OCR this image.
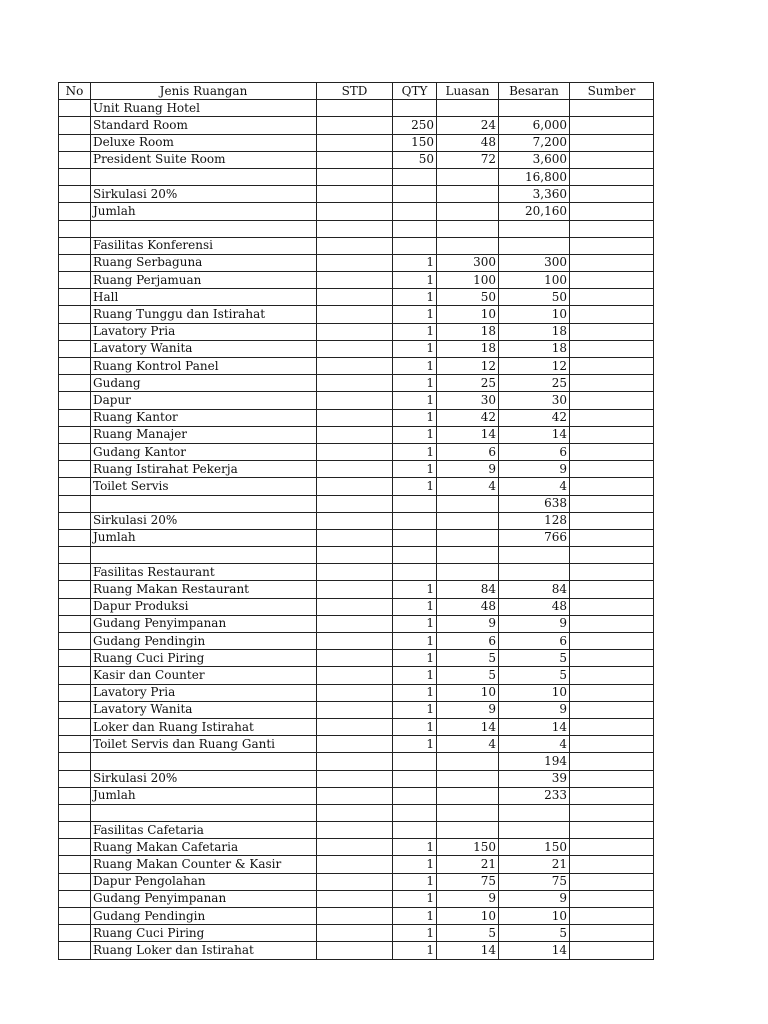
No	Jenis Ruangan	STD	QTY	Luasan	Besaran	Sumber
	Unit Ruang Hotel					
	Standard Room		250	24	6,000	
	Deluxe Room		150	48	7,200	
	President Suite Room		50	72	3,600	
					16,800	
	Sirkulasi 20%				3,360	
	Jumlah				20,160	

	Fasilitas Konferensi					
	Ruang Serbaguna		1	300	300	
	Ruang Perjamuan		1	100	100	
	Hall		1	50	50	
	Ruang Tunggu dan Istirahat		1	10	10	
	Lavatory Pria		1	18	18	
	Lavatory Wanita		1	18	18	
	Ruang Kontrol Panel		1	12	12	
	Gudang		1	25	25	
	Dapur		1	30	30	
	Ruang Kantor		1	42	42	
	Ruang Manajer		1	14	14	
	Gudang Kantor		1	6	6	
	Ruang Istirahat Pekerja		1	9	9	
	Toilet Servis		1	4	4	
					638	
	Sirkulasi 20%				128	
	Jumlah				766	

	Fasilitas Restaurant					
	Ruang Makan Restaurant		1	84	84	
	Dapur Produksi		1	48	48	
	Gudang Penyimpanan		1	9	9	
	Gudang Pendingin		1	6	6	
	Ruang Cuci Piring		1	5	5	
	Kasir dan Counter		1	5	5	
	Lavatory Pria		1	10	10	
	Lavatory Wanita		1	9	9	
	Loker dan Ruang Istirahat		1	14	14	
	Toilet Servis dan Ruang Ganti		1	4	4	
					194	
	Sirkulasi 20%				39	
	Jumlah				233	

	Fasilitas Cafetaria					
	Ruang Makan Cafetaria		1	150	150	
	Ruang Makan Counter & Kasir		1	21	21	
	Dapur Pengolahan		1	75	75	
	Gudang Penyimpanan		1	9	9	
	Gudang Pendingin		1	10	10	
	Ruang Cuci Piring		1	5	5	
	Ruang Loker dan Istirahat		1	14	14	
